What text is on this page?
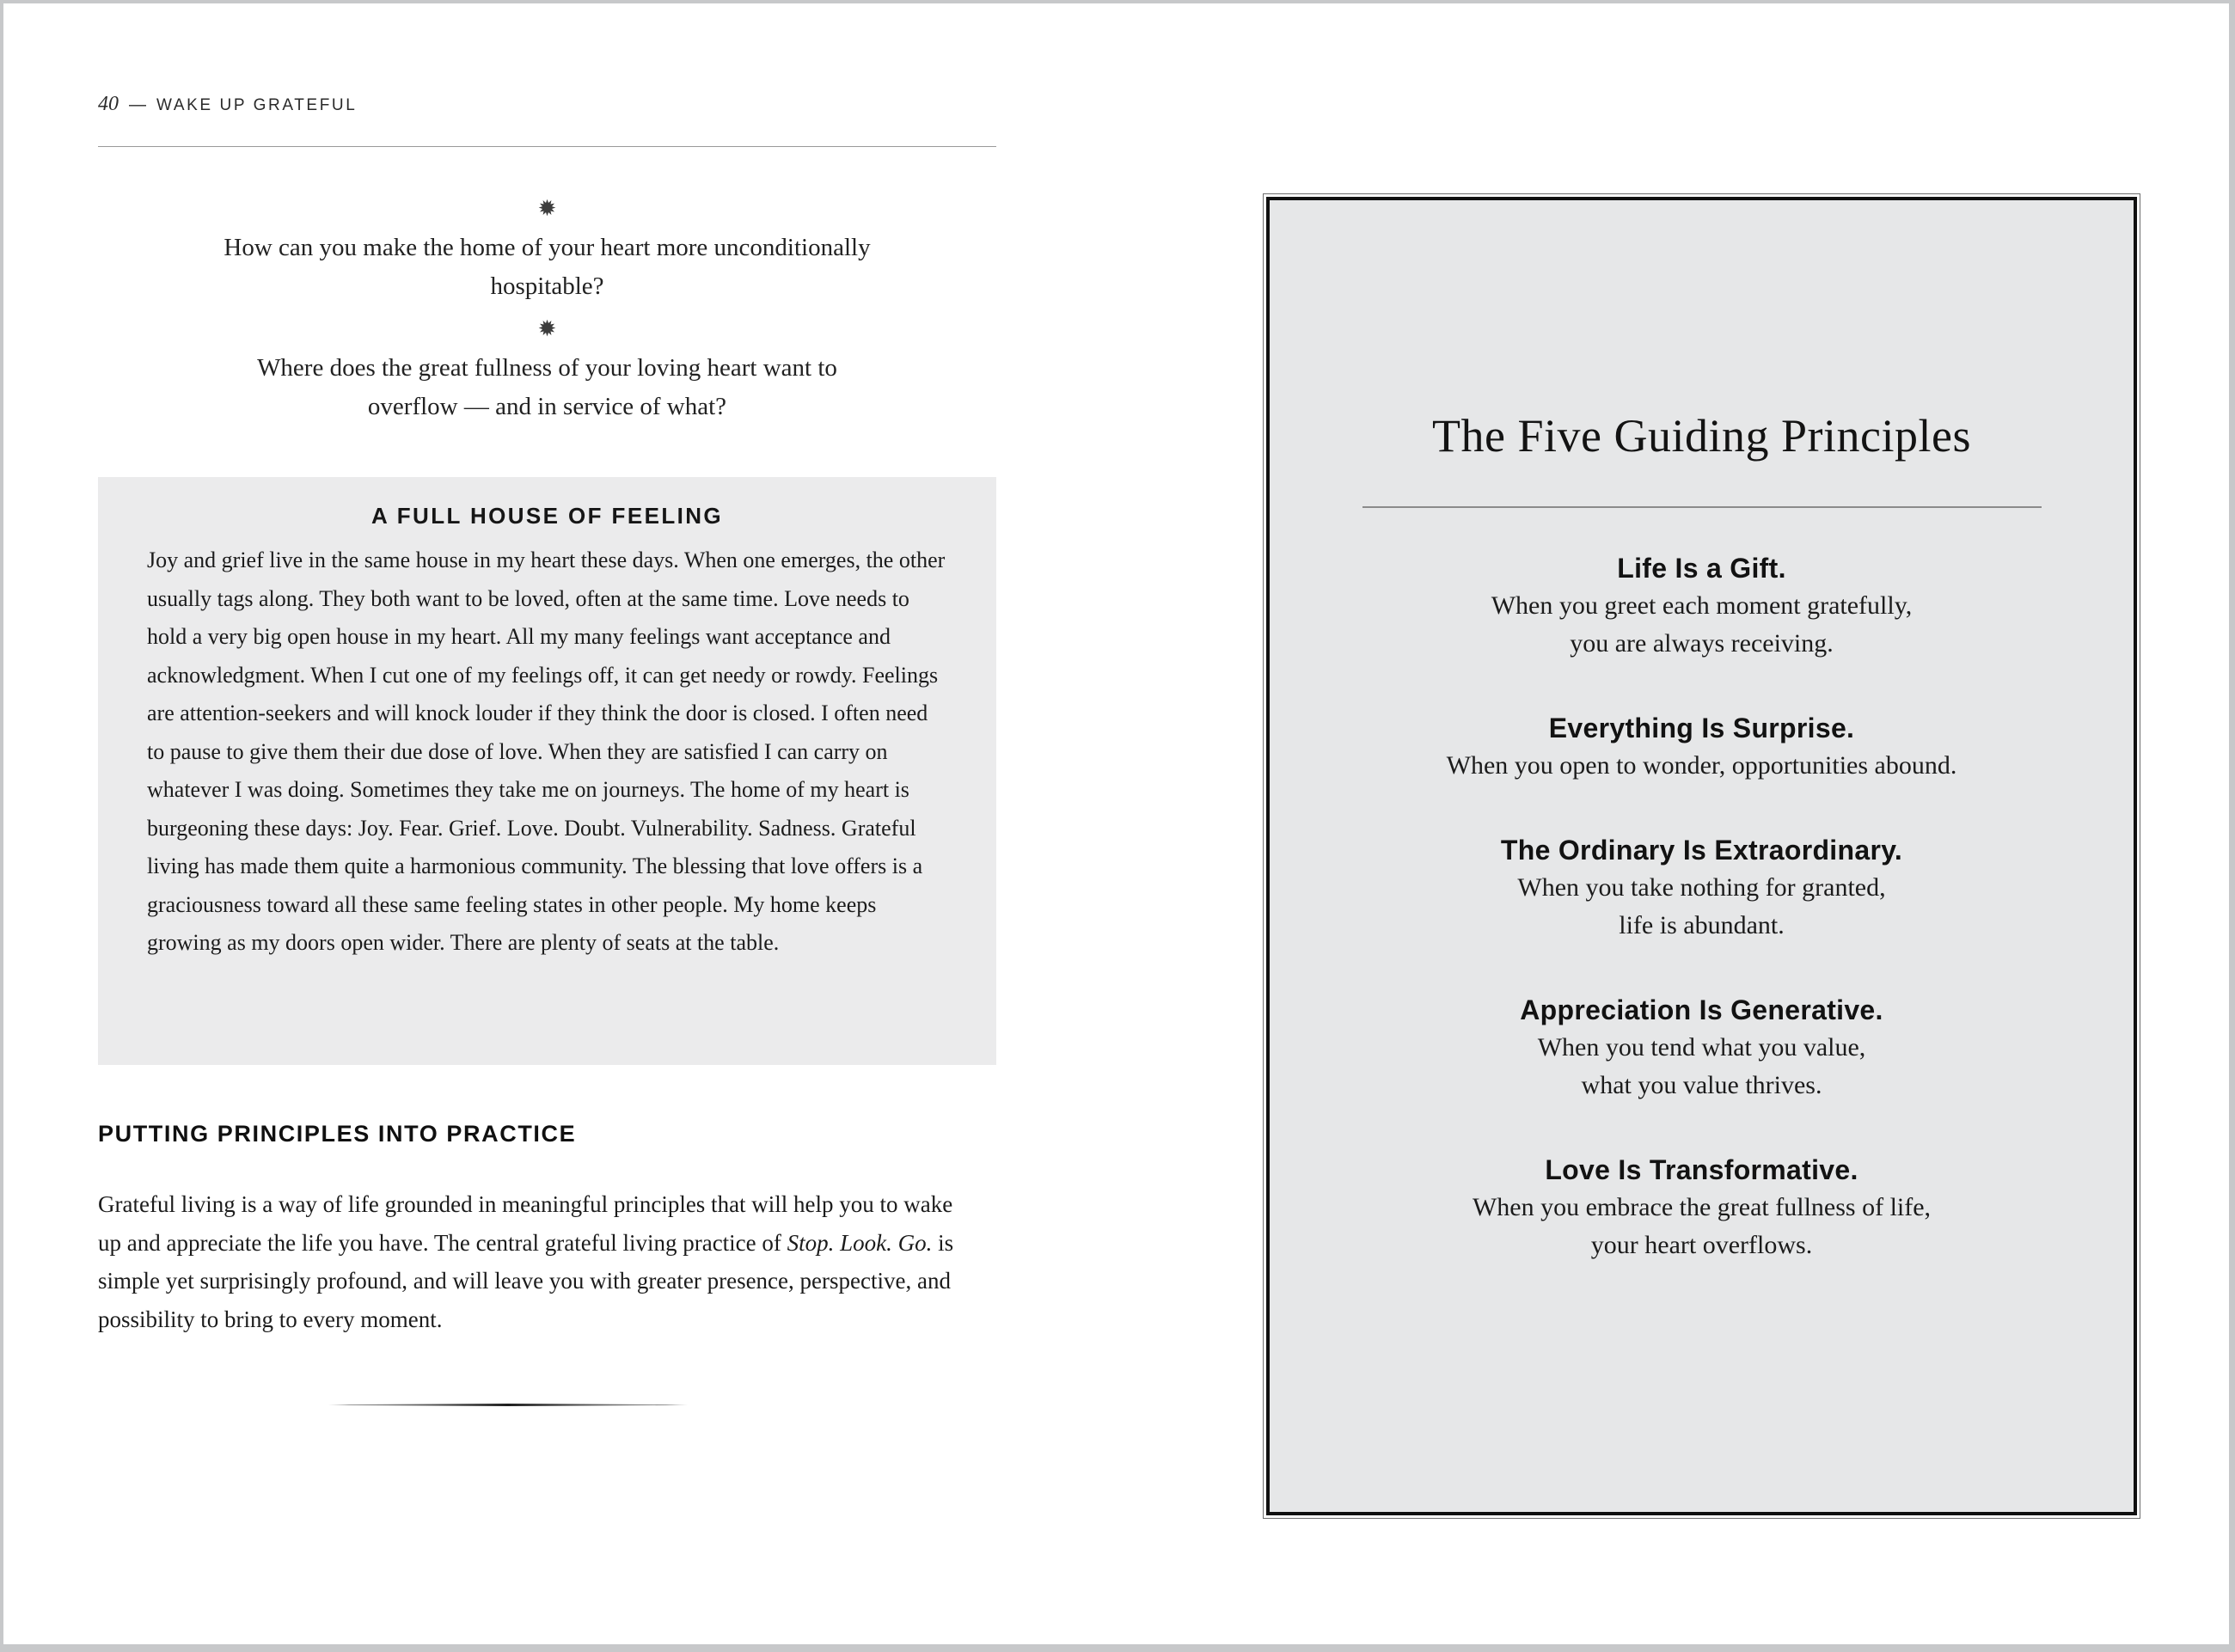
40 — WAKE UP GRATEFUL
✹
How can you make the home of your heart more unconditionally
hospitable?
✹
Where does the great fullness of your loving heart want to
overflow — and in service of what?
A FULL HOUSE OF FEELING
Joy and grief live in the same house in my heart these days. When one emerges, the other usually tags along. They both want to be loved, often at the same time. Love needs to hold a very big open house in my heart. All my many feelings want acceptance and acknowledgment. When I cut one of my feelings off, it can get needy or rowdy. Feelings are attention-seekers and will knock louder if they think the door is closed. I often need to pause to give them their due dose of love. When they are satisfied I can carry on whatever I was doing. Sometimes they take me on journeys. The home of my heart is burgeoning these days: Joy. Fear. Grief. Love. Doubt. Vulnerability. Sadness. Grateful living has made them quite a harmonious community. The blessing that love offers is a graciousness toward all these same feeling states in other people. My home keeps growing as my doors open wider. There are plenty of seats at the table.
PUTTING PRINCIPLES INTO PRACTICE

Grateful living is a way of life grounded in meaningful principles that will help you to wake up and appreciate the life you have. The central grateful living practice of Stop. Look. Go. is simple yet surprisingly profound, and will leave you with greater presence, perspective, and possibility to bring to every moment.

The Five Guiding Principles
Life Is a Gift.
When you greet each moment gratefully,
you are always receiving.
Everything Is Surprise.
When you open to wonder, opportunities abound.
The Ordinary Is Extraordinary.
When you take nothing for granted,
life is abundant.
Appreciation Is Generative.
When you tend what you value,
what you value thrives.
Love Is Transformative.
When you embrace the great fullness of life,
your heart overflows.
